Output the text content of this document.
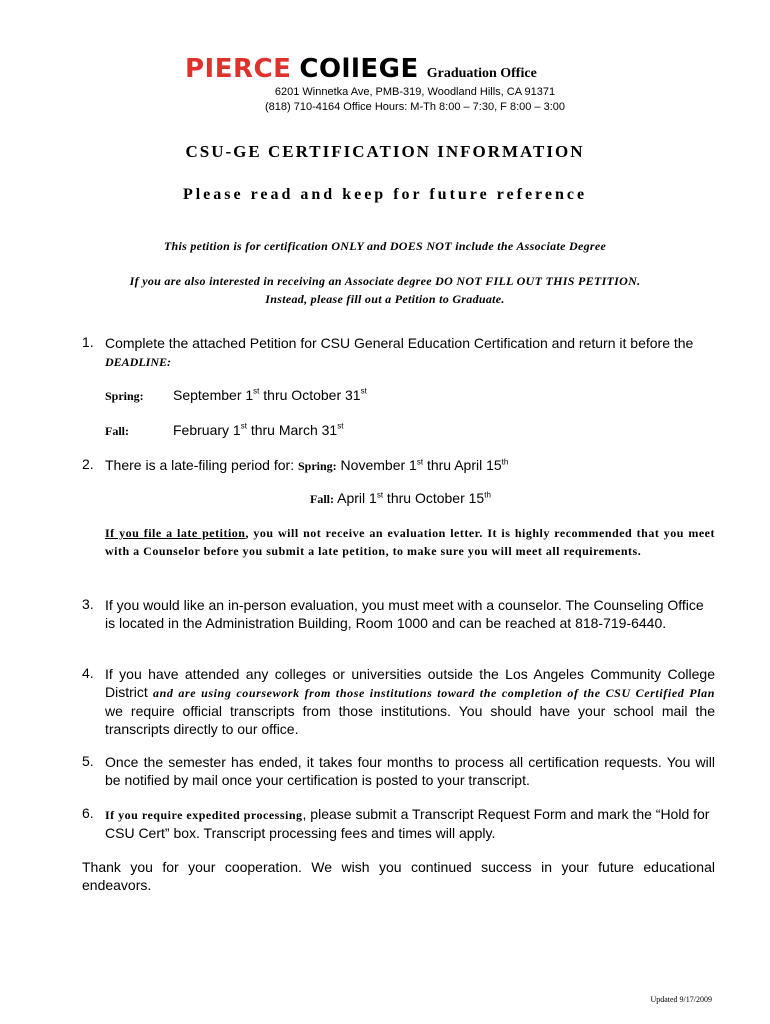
PIERCE COllEGE Graduation Office
6201 Winnetka Ave, PMB-319, Woodland Hills, CA 91371
(818) 710-4164 Office Hours: M-Th 8:00 – 7:30, F 8:00 – 3:00
CSU-GE CERTIFICATION INFORMATION
Please read and keep for future reference
This petition is for certification ONLY and DOES NOT include the Associate Degree
If you are also interested in receiving an Associate degree DO NOT FILL OUT THIS PETITION.
Instead, please fill out a Petition to Graduate.
1. Complete the attached Petition for CSU General Education Certification and return it before the DEADLINE:
Spring: September 1st thru October 31st
Fall:	February 1st thru March 31st
2. There is a late-filing period for: Spring: November 1st thru April 15th
Fall: April 1st thru October 15th
If you file a late petition, you will not receive an evaluation letter. It is highly recommended that you meet with a Counselor before you submit a late petition, to make sure you will meet all requirements.
3. If you would like an in-person evaluation, you must meet with a counselor. The Counseling Office is located in the Administration Building, Room 1000 and can be reached at 818-719-6440.
4. If you have attended any colleges or universities outside the Los Angeles Community College District and are using coursework from those institutions toward the completion of the CSU Certified Plan we require official transcripts from those institutions. You should have your school mail the transcripts directly to our office.
5. Once the semester has ended, it takes four months to process all certification requests. You will be notified by mail once your certification is posted to your transcript.
6. If you require expedited processing, please submit a Transcript Request Form and mark the “Hold for CSU Cert” box. Transcript processing fees and times will apply.
Thank you for your cooperation. We wish you continued success in your future educational endeavors.
Updated 9/17/2009
